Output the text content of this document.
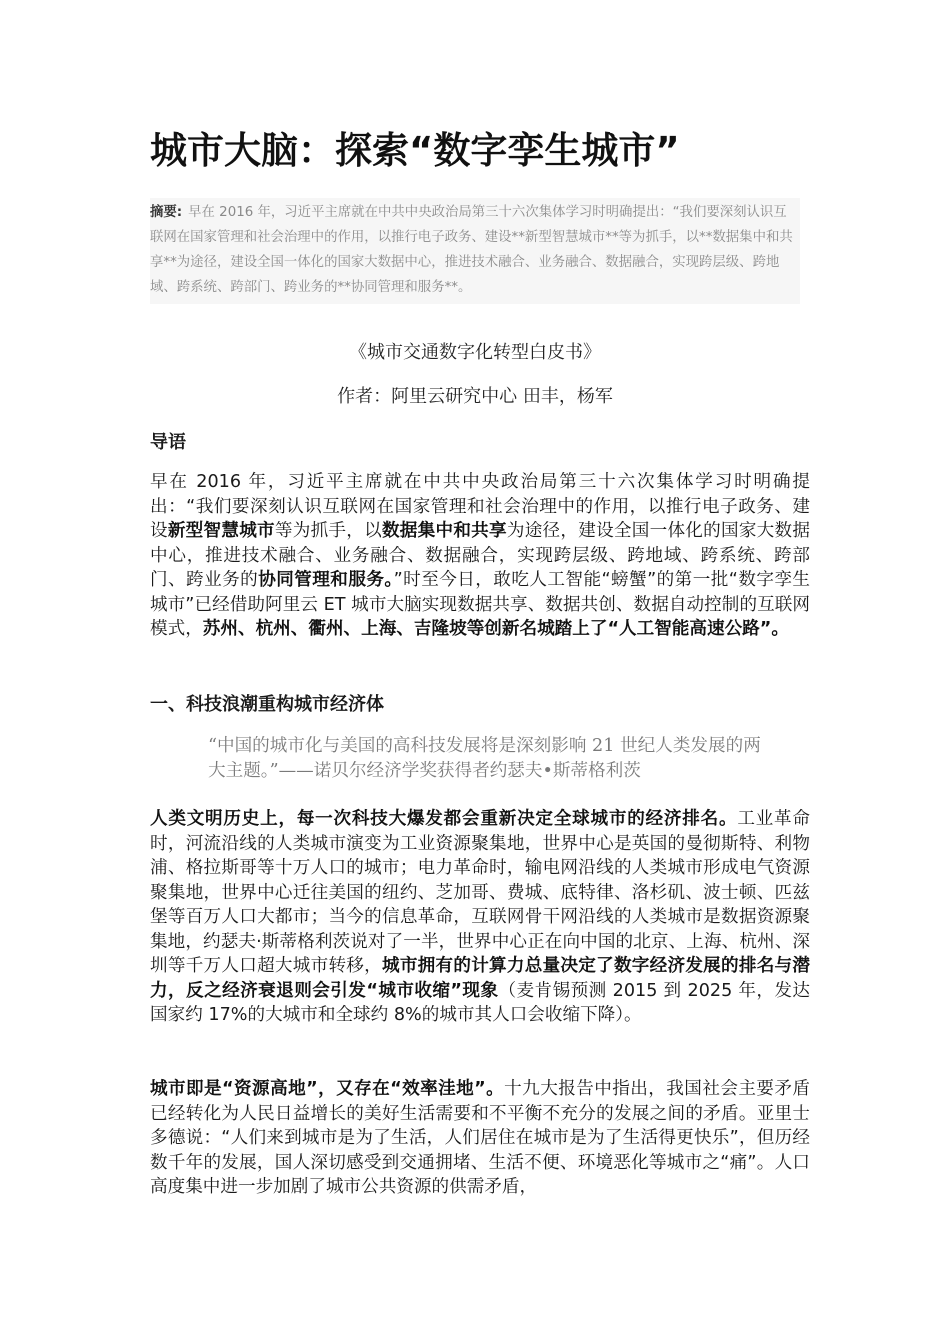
城市大脑：探索“数字孪生城市”
摘要: 早在 2016 年，习近平主席就在中共中央政治局第三十六次集体学习时明确提出：“我们要深刻认识互联网在国家管理和社会治理中的作用，以推行电子政务、建设**新型智慧城市**等为抓手，以**数据集中和共享**为途径，建设全国一体化的国家大数据中心，推进技术融合、业务融合、数据融合，实现跨层级、跨地域、跨系统、跨部门、跨业务的**协同管理和服务**。
《城市交通数字化转型白皮书》
作者：阿里云研究中心 田丰，杨军
导语
早在 2016 年，习近平主席就在中共中央政治局第三十六次集体学习时明确提出：“我们要深刻认识互联网在国家管理和社会治理中的作用，以推行电子政务、建设新型智慧城市等为抓手，以数据集中和共享为途径，建设全国一体化的国家大数据中心，推进技术融合、业务融合、数据融合，实现跨层级、跨地域、跨系统、跨部门、跨业务的协同管理和服务。”时至今日，敢吃人工智能“螃蟹”的第一批“数字孪生城市”已经借助阿里云 ET 城市大脑实现数据共享、数据共创、数据自动控制的互联网模式，苏州、杭州、衢州、上海、吉隆坡等创新名城踏上了“人工智能高速公路”。
一、科技浪潮重构城市经济体
“中国的城市化与美国的高科技发展将是深刻影响 21 世纪人类发展的两大主题。”——诺贝尔经济学奖获得者约瑟夫•斯蒂格利茨
人类文明历史上，每一次科技大爆发都会重新决定全球城市的经济排名。工业革命时，河流沿线的人类城市演变为工业资源聚集地，世界中心是英国的曼彻斯特、利物浦、格拉斯哥等十万人口的城市；电力革命时，输电网沿线的人类城市形成电气资源聚集地，世界中心迁往美国的纽约、芝加哥、费城、底特律、洛杉矶、波士顿、匹兹堡等百万人口大都市；当今的信息革命，互联网骨干网沿线的人类城市是数据资源聚集地，约瑟夫·斯蒂格利茨说对了一半，世界中心正在向中国的北京、上海、杭州、深圳等千万人口超大城市转移，城市拥有的计算力总量决定了数字经济发展的排名与潜力，反之经济衰退则会引发“城市收缩”现象（麦肯锡预测 2015 到 2025 年，发达国家约 17%的大城市和全球约 8%的城市其人口会收缩下降）。
城市即是“资源高地”，又存在“效率洼地”。十九大报告中指出，我国社会主要矛盾已经转化为人民日益增长的美好生活需要和不平衡不充分的发展之间的矛盾。亚里士多德说：“人们来到城市是为了生活，人们居住在城市是为了生活得更快乐”，但历经数千年的发展，国人深切感受到交通拥堵、生活不便、环境恶化等城市之“痛”。人口高度集中进一步加剧了城市公共资源的供需矛盾，
